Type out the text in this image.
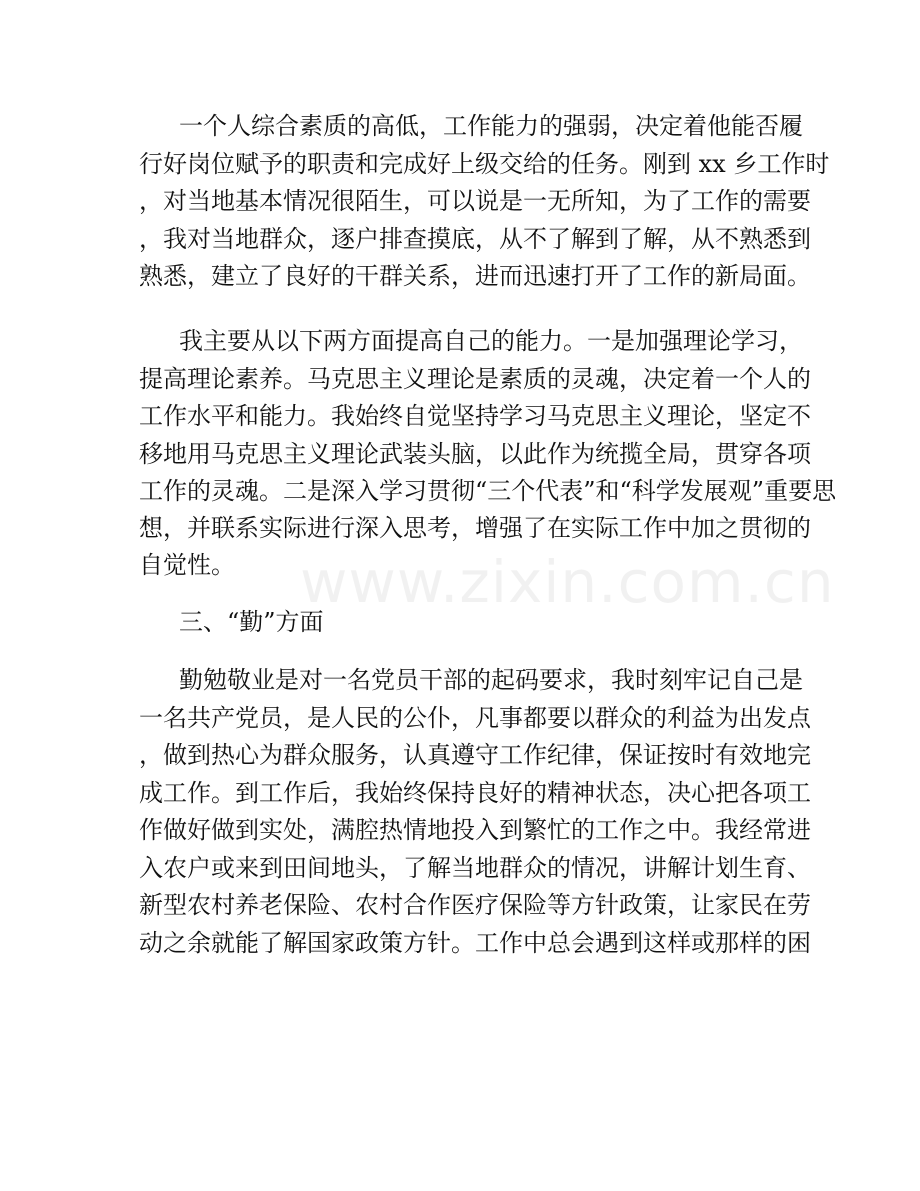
www.zixin.com.cn
一个人综合素质的高低，工作能力的强弱，决定着他能否履
行好岗位赋予的职责和完成好上级交给的任务。刚到 xx 乡工作时
，对当地基本情况很陌生，可以说是一无所知，为了工作的需要
，我对当地群众，逐户排查摸底，从不了解到了解，从不熟悉到
熟悉，建立了良好的干群关系，进而迅速打开了工作的新局面。
我主要从以下两方面提高自己的能力。一是加强理论学习，
提高理论素养。马克思主义理论是素质的灵魂，决定着一个人的
工作水平和能力。我始终自觉坚持学习马克思主义理论，坚定不
移地用马克思主义理论武装头脑，以此作为统揽全局，贯穿各项
工作的灵魂。二是深入学习贯彻“三个代表”和“科学发展观”重要思
想，并联系实际进行深入思考，增强了在实际工作中加之贯彻的
自觉性。
三、“勤”方面
勤勉敬业是对一名党员干部的起码要求，我时刻牢记自己是
一名共产党员，是人民的公仆，凡事都要以群众的利益为出发点
，做到热心为群众服务，认真遵守工作纪律，保证按时有效地完
成工作。到工作后，我始终保持良好的精神状态，决心把各项工
作做好做到实处，满腔热情地投入到繁忙的工作之中。我经常进
入农户或来到田间地头，了解当地群众的情况，讲解计划生育、
新型农村养老保险、农村合作医疗保险等方针政策，让家民在劳
动之余就能了解国家政策方针。工作中总会遇到这样或那样的困
